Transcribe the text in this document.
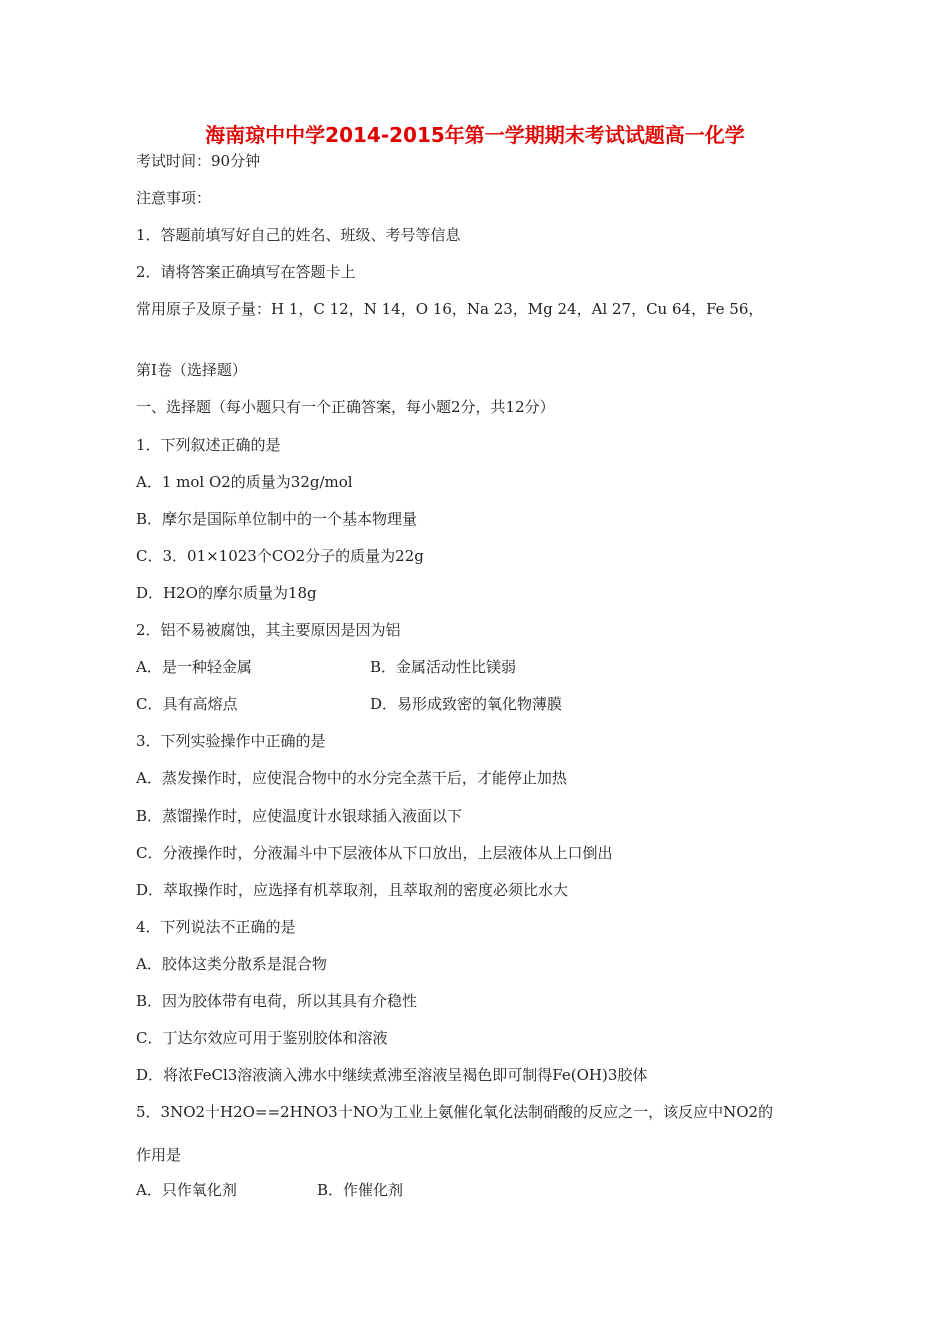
海南琼中中学2014-2015年第一学期期末考试试题高一化学
考试时间：90分钟
注意事项：
1．答题前填写好自己的姓名、班级、考号等信息
2．请将答案正确填写在答题卡上
常用原子及原子量：H 1，C 12，N 14，O 16，Na 23，Mg 24，Al 27，Cu 64，Fe 56，
第I卷（选择题）
一、选择题（每小题只有一个正确答案，每小题2分，共12分）
1．下列叙述正确的是
A．1 mol O2的质量为32g/mol
B．摩尔是国际单位制中的一个基本物理量
C．3．01×1023个CO2分子的质量为22g
D．H2O的摩尔质量为18g
2．铝不易被腐蚀，其主要原因是因为铝
A．是一种轻金属	B．金属活动性比镁弱
C．具有高熔点	D．易形成致密的氧化物薄膜
3．下列实验操作中正确的是
A．蒸发操作时，应使混合物中的水分完全蒸干后，才能停止加热
B．蒸馏操作时，应使温度计水银球插入液面以下
C．分液操作时，分液漏斗中下层液体从下口放出，上层液体从上口倒出
D．萃取操作时，应选择有机萃取剂，且萃取剂的密度必须比水大
4．下列说法不正确的是
A．胶体这类分散系是混合物
B．因为胶体带有电荷，所以其具有介稳性
C．丁达尔效应可用于鉴别胶体和溶液
D．将浓FeCl3溶液滴入沸水中继续煮沸至溶液呈褐色即可制得Fe(OH)3胶体
5．3NO2十H2O==2HNO3十NO为工业上氨催化氧化法制硝酸的反应之一，该反应中NO2的
作用是
A．只作氧化剂	B．作催化剂
